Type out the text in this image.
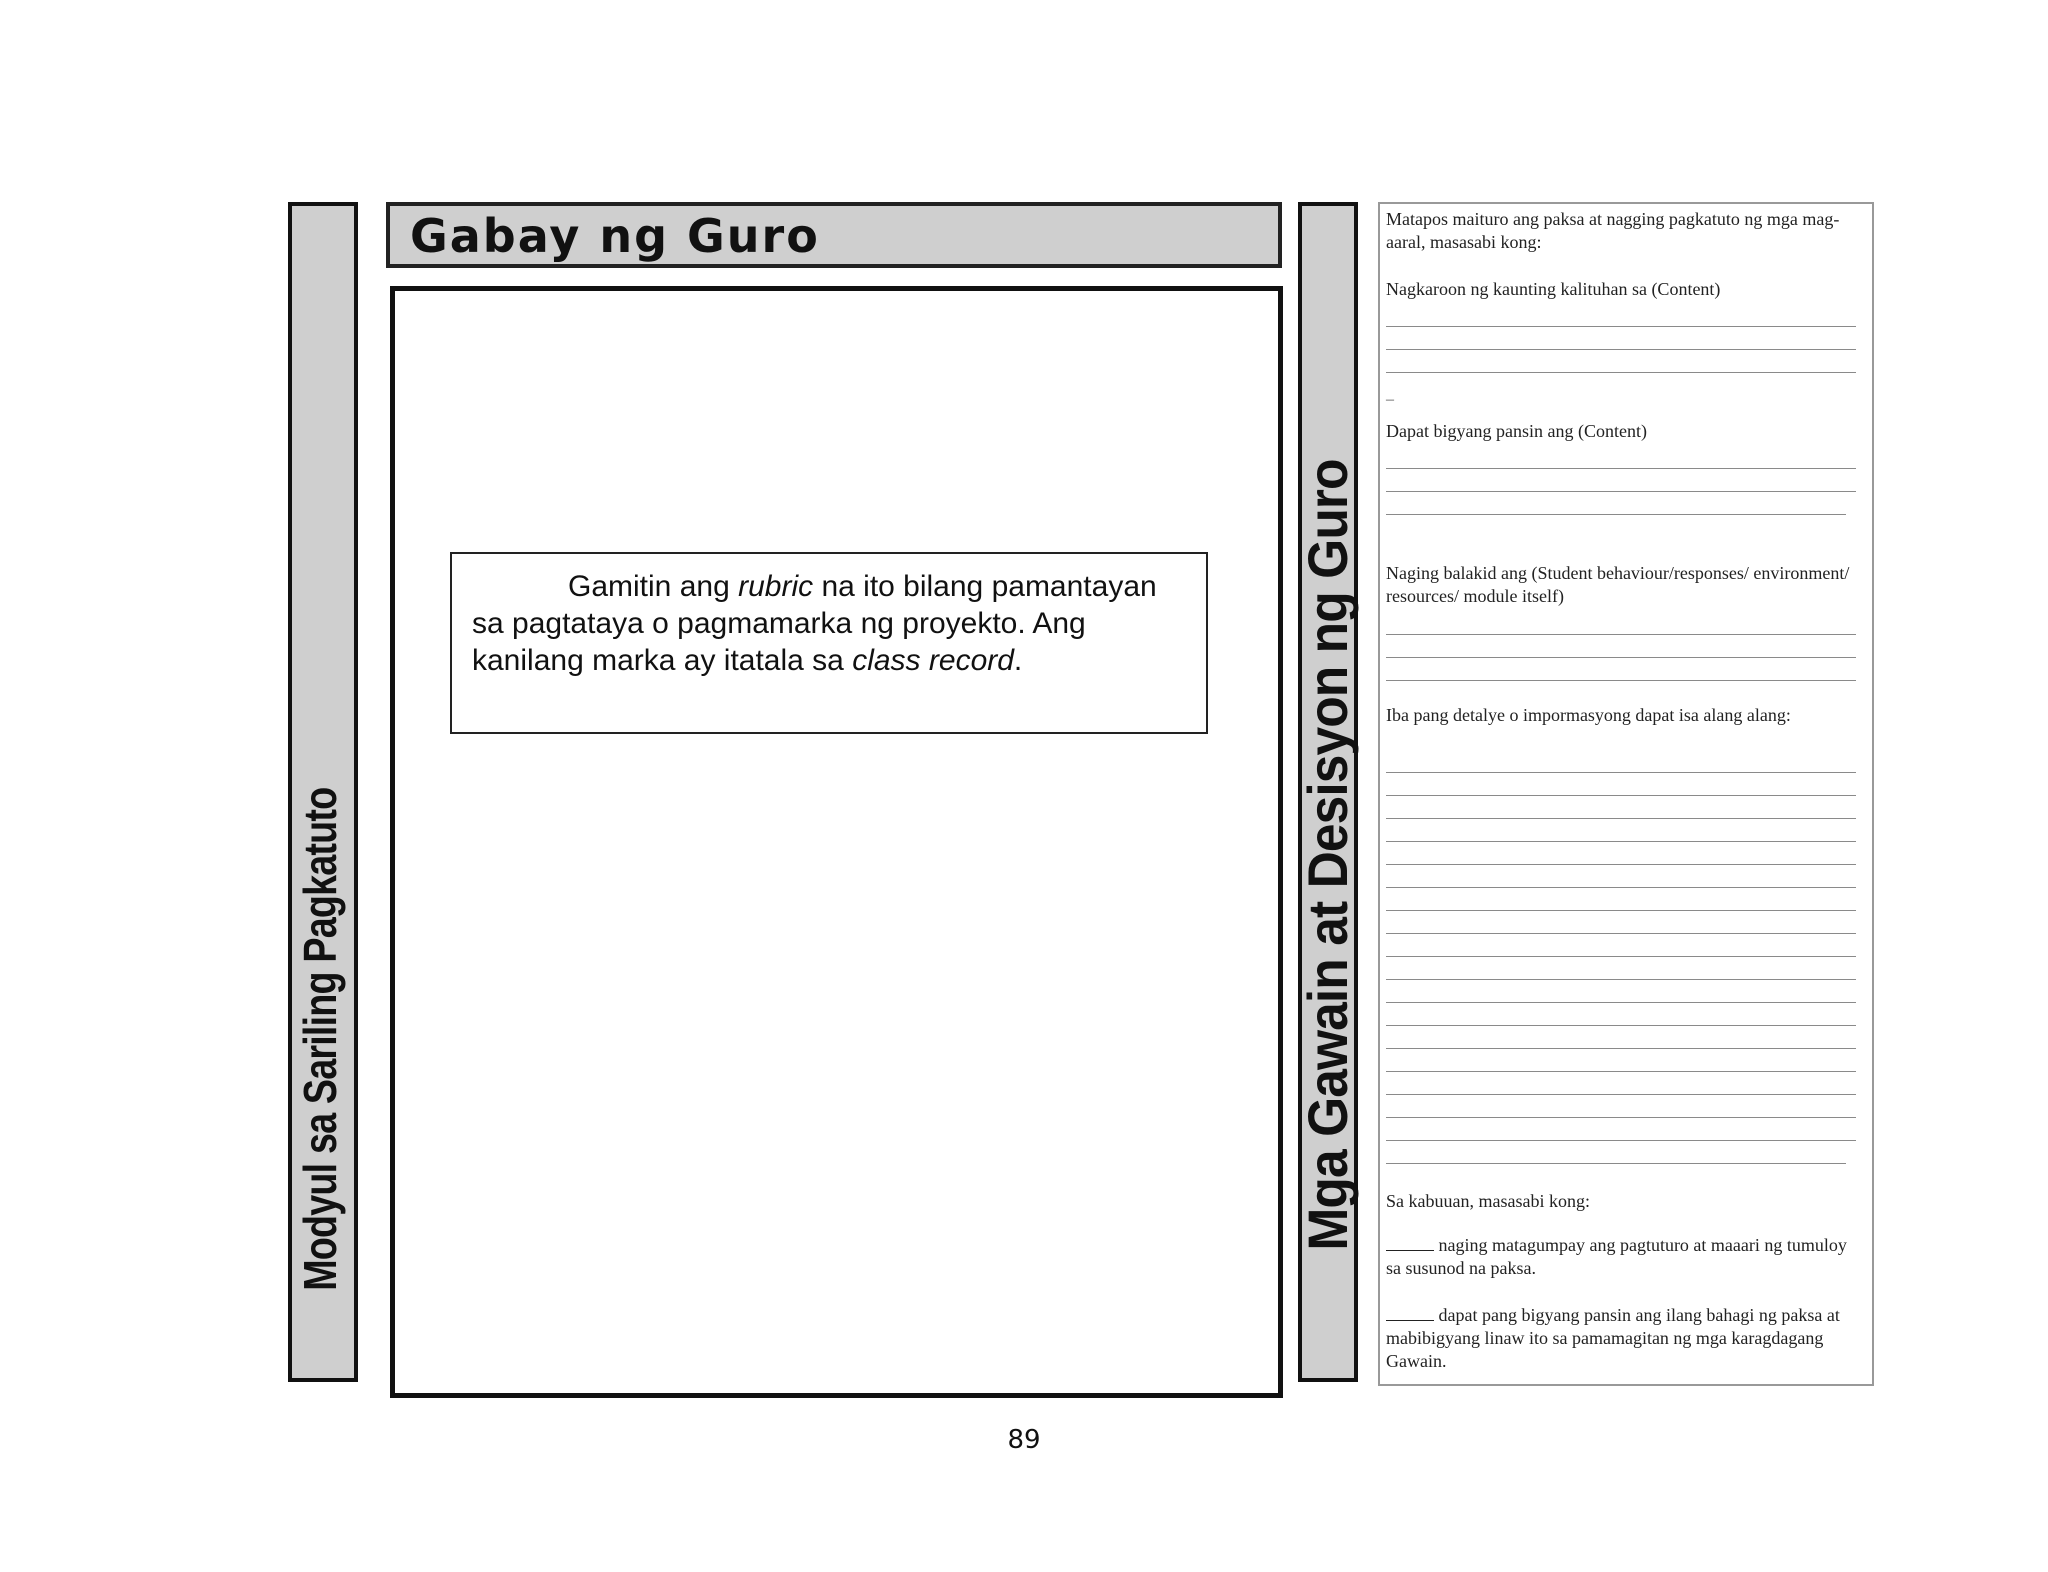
Modyul sa Sariling Pagkatuto
Gabay ng Guro
Gamitin ang rubric na ito bilang pamantayan sa pagtataya o pagmamarka ng proyekto. Ang kanilang marka ay itatala sa class record.	Mga Gawain at Desisyon ng Guro
Matapos maituro ang paksa at nagging pagkatuto ng mga mag-aaral, masasabi kong:
Nagkaroon ng kaunting kalituhan sa (Content)
–
Dapat bigyang pansin ang (Content)
Naging balakid ang (Student behaviour/responses/ environment/ resources/ module itself)
Iba pang detalye o impormasyong dapat isa alang alang:
Sa kabuuan, masasabi kong:
naging matagumpay ang pagtuturo at maaari ng tumuloy sa susunod na paksa.
dapat pang bigyang pansin ang ilang bahagi ng paksa at mabibigyang linaw ito sa pamamagitan ng mga karagdagang Gawain.
89
